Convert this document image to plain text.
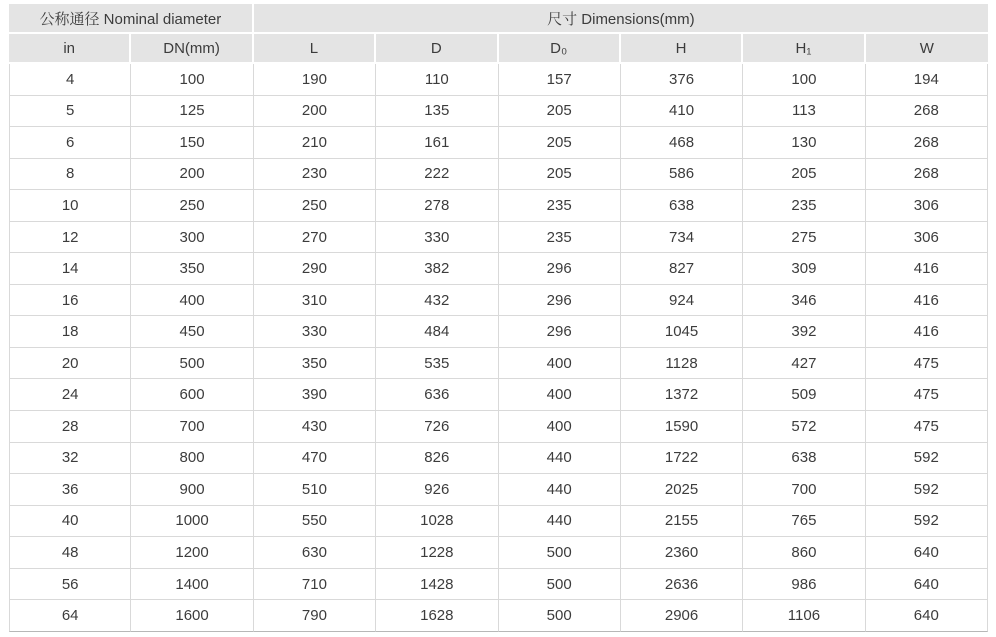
公称通径 Nominal diameter		尺寸 Dimensions(mm)					
in	DN(mm)	L	D	D₀	H	H₁	W
4	100	190	110	157	376	100	194
5	125	200	135	205	410	113	268
6	150	210	161	205	468	130	268
8	200	230	222	205	586	205	268
10	250	250	278	235	638	235	306
12	300	270	330	235	734	275	306
14	350	290	382	296	827	309	416
16	400	310	432	296	924	346	416
18	450	330	484	296	1045	392	416
20	500	350	535	400	1128	427	475
24	600	390	636	400	1372	509	475
28	700	430	726	400	1590	572	475
32	800	470	826	440	1722	638	592
36	900	510	926	440	2025	700	592
40	1000	550	1028	440	2155	765	592
48	1200	630	1228	500	2360	860	640
56	1400	710	1428	500	2636	986	640
64	1600	790	1628	500	2906	1106	640
